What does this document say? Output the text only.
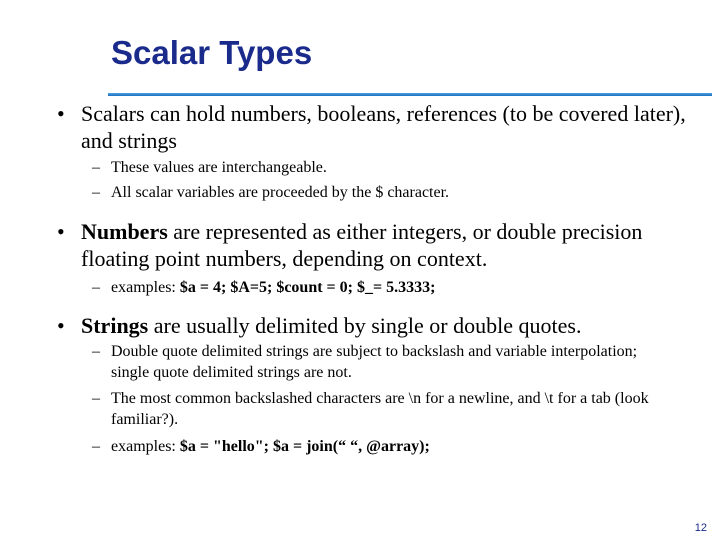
Scalar Types
• Scalars can hold numbers, booleans, references (to be covered later), and strings
– These values are interchangeable.
– All scalar variables are proceeded by the $ character.
• Numbers are represented as either integers, or double precision floating point numbers, depending on context.
– examples: $a = 4; $A=5; $count = 0; $_= 5.3333;
• Strings are usually delimited by single or double quotes.
– Double quote delimited strings are subject to backslash and variable interpolation; single quote delimited strings are not.
– The most common backslashed characters are \n for a newline, and \t for a tab (look familiar?).
– examples: $a = "hello"; $a = join(“ “, @array);
12
